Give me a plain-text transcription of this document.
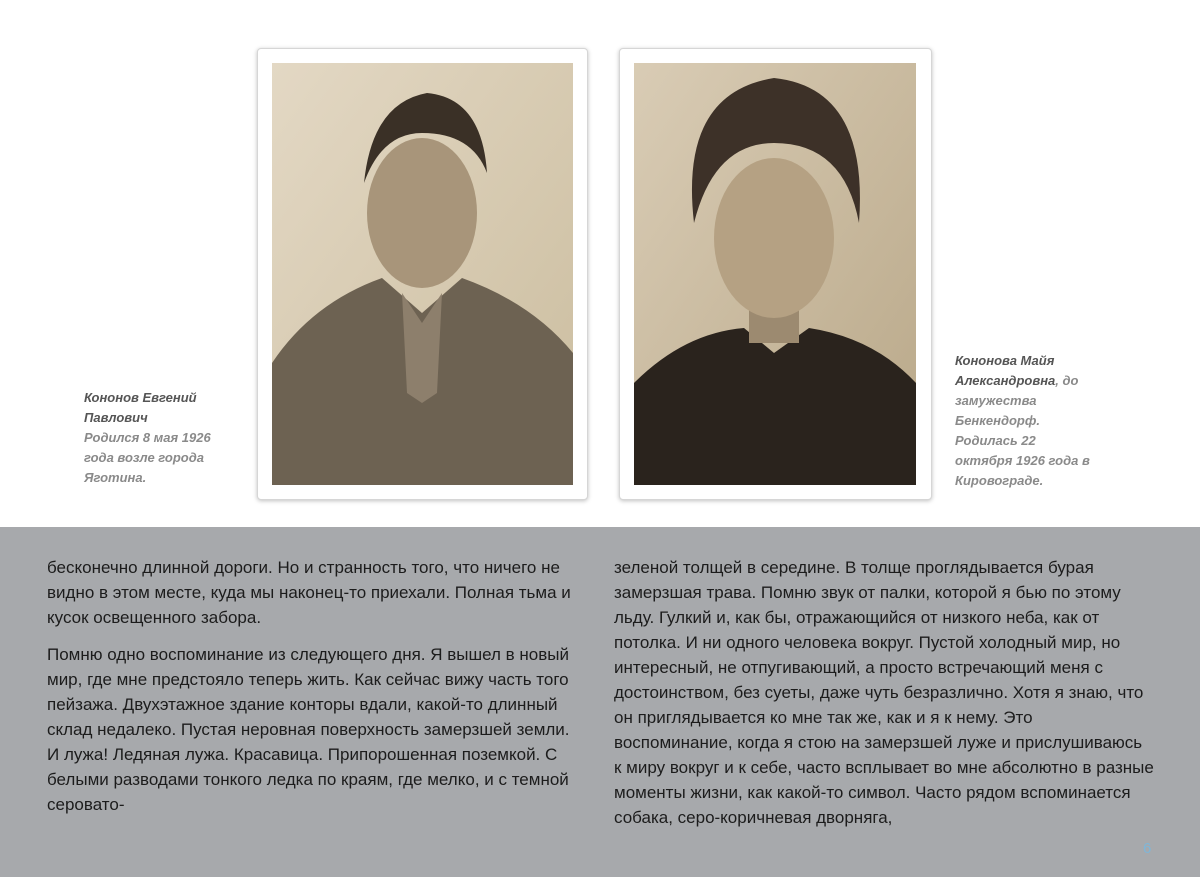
Кононов Евгений Павлович
Родился 8 мая 1926 года возле города Яготина.
Кононова Майя Александровна, до замужества Бенкендорф. Родилась 22 октября 1926 года в Кировограде.

бесконечно длинной дороги. Но и странность того, что ничего не видно в этом месте, куда мы наконец-то приехали. Полная тьма и кусок освещенного забора.

Помню одно воспоминание из следующего дня. Я вышел в новый мир, где мне предстояло теперь жить. Как сейчас вижу часть того пейзажа. Двухэтажное здание конторы вдали, какой-то длинный склад недалеко. Пустая неровная поверхность замерзшей земли. И лужа! Ледяная лужа. Красавица. Припорошенная поземкой. С белыми разводами тонкого ледка по краям, где мелко, и с темной серовато-

зеленой толщей в середине. В толще проглядывается бурая замерзшая трава. Помню звук от палки, которой я бью по этому льду. Гулкий и, как бы, отражающийся от низкого неба, как от потолка. И ни одного человека вокруг. Пустой холодный мир, но интересный, не отпугивающий, а просто встречающий меня с достоинством, без суеты, даже чуть безразлично. Хотя я знаю, что он приглядывается ко мне так же, как и я к нему. Это воспоминание, когда я стою на замерзшей луже и прислушиваюсь к миру вокруг и к себе, часто всплывает во мне абсолютно в разные моменты жизни, как какой-то символ. Часто рядом вспоминается собака, серо-коричневая дворняга,

6
